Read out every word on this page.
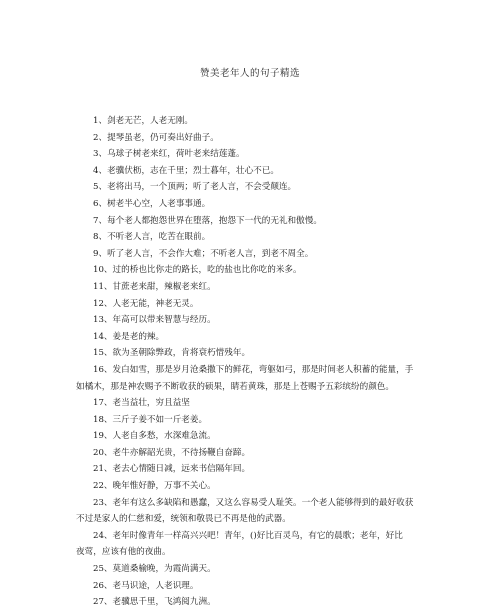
赞美老年人的句子精选
1、剑老无芒，人老无刚。
2、提琴虽老，仍可奏出好曲子。
3、乌球子树老来红，荷叶老来结莲蓬。
4、老骥伏枥，志在千里；烈士暮年，壮心不已。
5、老将出马，一个顶两；听了老人言，不会受颠连。
6、树老半心空，人老事事通。
7、每个老人都抱怨世界在堕落，抱怨下一代的无礼和傲慢。
8、不听老人言，吃苦在眼前。
9、听了老人言，不会作大难；不听老人言，到老不周全。
10、过的桥也比你走的路长，吃的盐也比你吃的米多。
11、甘蔗老来甜，辣椒老来红。
12、人老无能，神老无灵。
13、年高可以带来智慧与经历。
14、姜是老的辣。
15、欲为圣朝除弊政，肯将衰朽惜残年。
16、发白如雪，那是岁月沧桑撒下的鲜花，弯躯如弓，那是时间老人积蓄的能量，手
如橘木，那是神农赐予不断收获的硕果，睛若黄珠，那是上苍赐予五彩缤纷的颜色。
17、老当益壮，穷且益坚
18、三斤子姜不如一斤老姜。
19、人老自多愁，水深难急流。
20、老牛亦解韶光贵，不待扬鞭自奋蹄。
21、老去心情随日减，远来书信隔年回。
22、晚年惟好静，万事不关心。
23、老年有这么多缺陷和愚蠢，又这么容易受人耻笑。一个老人能够得到的最好收获
不过是家人的仁慈和爱，统领和敬畏已不再是他的武器。
24、老年时像青年一样高兴兴吧！青年，()好比百灵鸟，有它的晨歌；老年，好比
夜莺，应该有他的夜曲。
25、莫道桑榆晚，为霞尚满天。
26、老马识途，人老识理。
27、老骥思千里，飞鸿阅九洲。
